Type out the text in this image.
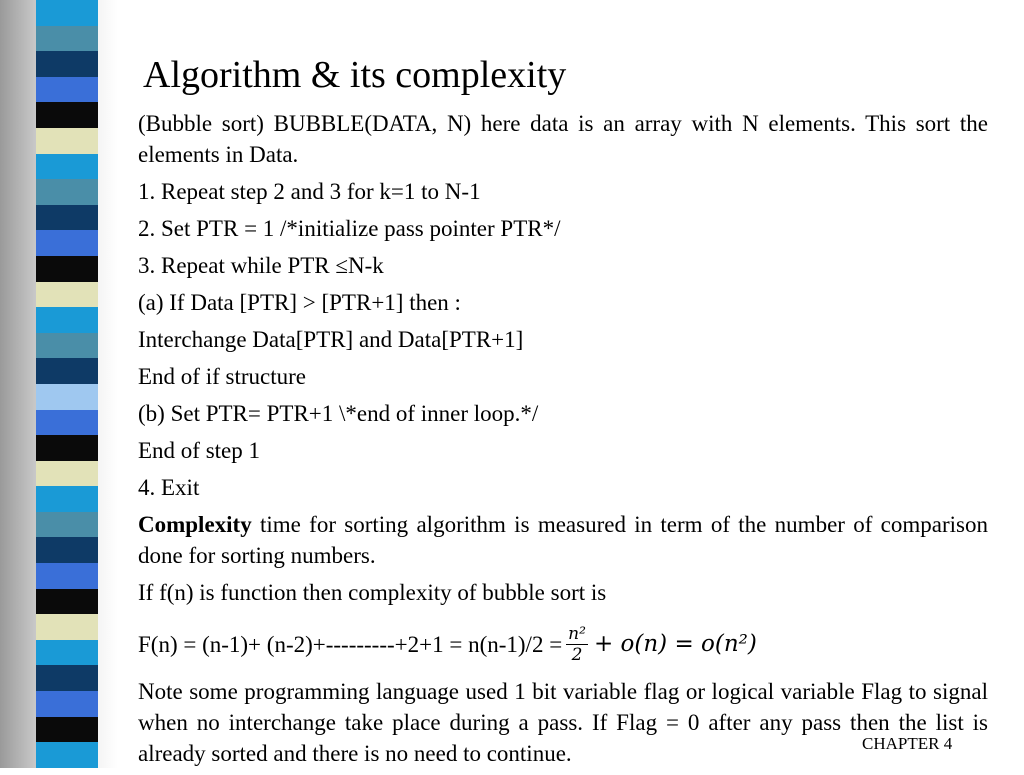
Algorithm & its complexity

(Bubble sort) BUBBLE(DATA, N) here data is an array with N elements. This sort the elements in Data.

1. Repeat step 2 and 3 for k=1 to N-1

2. Set PTR = 1 /*initialize pass pointer PTR*/

3. Repeat while PTR ≤N-k

(a) If Data [PTR] > [PTR+1] then :

Interchange Data[PTR] and Data[PTR+1]

End of if structure

(b) Set PTR= PTR+1 \*end of inner loop.*/

End of step 1

4. Exit

Complexity time for sorting algorithm is measured in term of the number of comparison done for sorting numbers.

If f(n) is function then complexity of bubble sort is

$F(n) = (n-1)+ (n-2)+---------+2+1 = n(n-1)/2 = \frac{\text{n²}}{2} + o(n) = o(n^2)$

Note some programming language used 1 bit variable flag or logical variable Flag to signal when no interchange take place during a pass. If Flag = 0 after any pass then the list is already sorted and there is no need to continue.	CHAPTER 4
